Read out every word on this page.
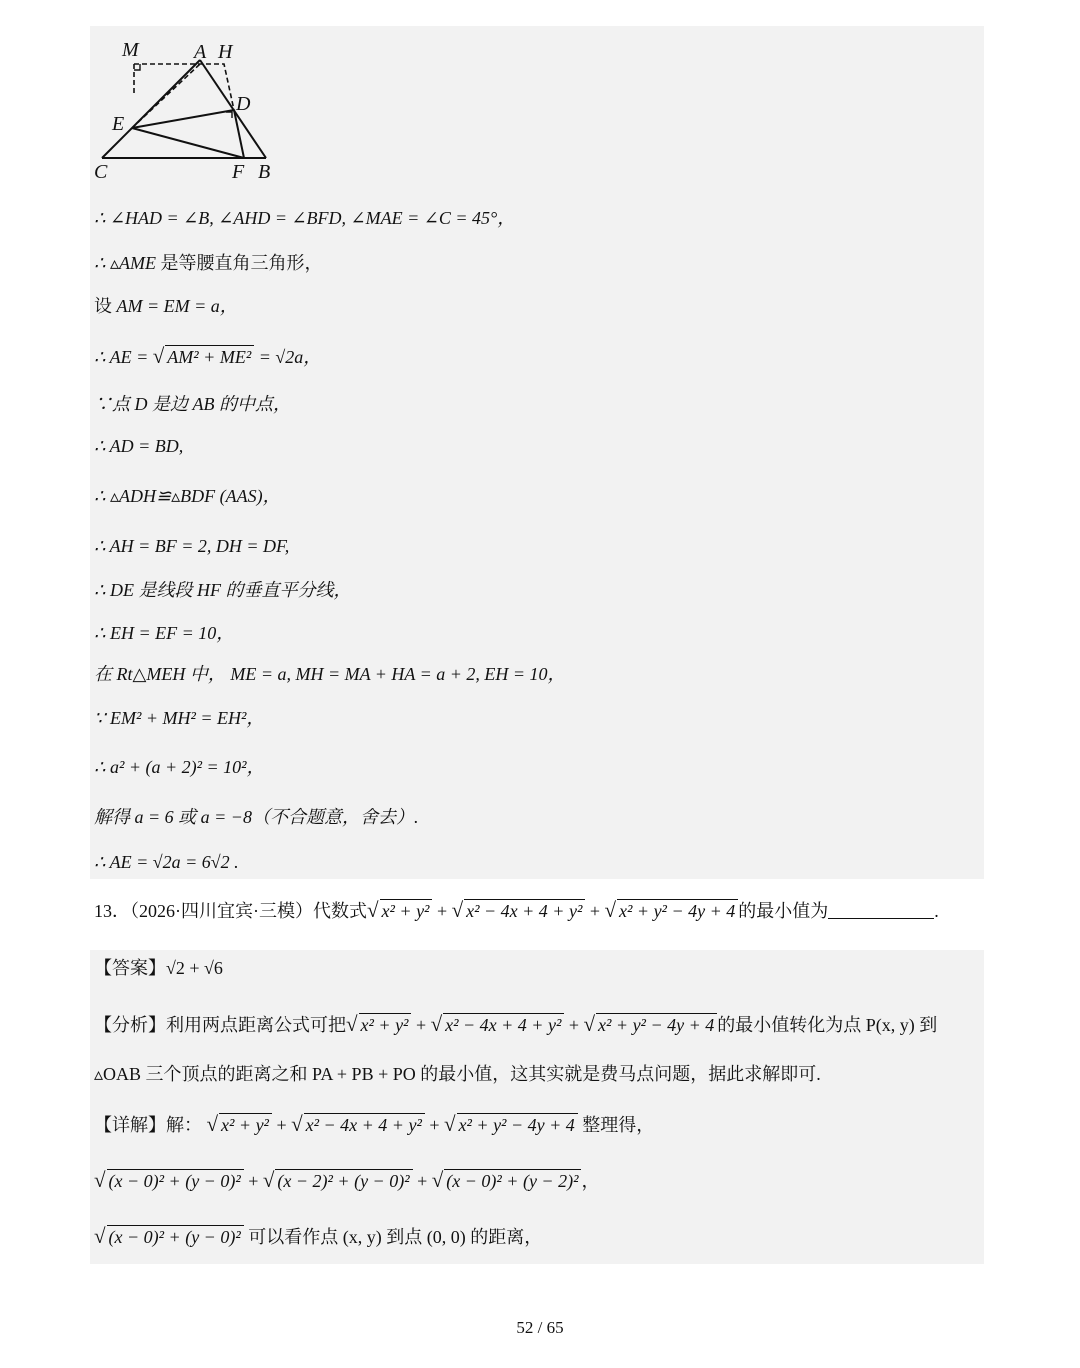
M	A H
D
E
C	F B
∴ ∠HAD = ∠B, ∠AHD = ∠BFD, ∠MAE = ∠C = 45°，
∴ ▵AME 是等腰直角三角形，
设 AM = EM = a，
∴ AE = √ AM² + ME² = √2a，
∵点 D 是边 AB 的中点，
∴ AD = BD,
∴ ▵ADH≌▵BDF (AAS)，
∴ AH = BF = 2, DH = DF,
∴ DE 是线段 HF 的垂直平分线，
∴ EH = EF = 10，
在 Rt△MEH 中， ME = a, MH = MA + HA = a + 2, EH = 10，
∵ EM² + MH² = EH²，
∴ a² + (a + 2)² = 10²，
解得 a = 6 或 a = −8（不合题意，舍去）.
∴ AE = √2a = 6√2 .
13．（2026·四川宜宾·三模）代数式√ x² + y² + √ x² − 4x + 4 + y² + √ x² + y² − 4y + 4 的最小值为	.
【答案】√2 + √6
【分析】利用两点距离公式可把√ x² + y² + √ x² − 4x + 4 + y² + √ x² + y² − 4y + 4 的最小值转化为点 P(x, y) 到
▵OAB 三个顶点的距离之和 PA + PB + PO 的最小值，这其实就是费马点问题，据此求解即可.
【详解】解： √ x² + y² + √ x² − 4x + 4 + y² + √ x² + y² − 4y + 4 整理得，
√ (x − 0)² + (y − 0)² + √ (x − 2)² + (y − 0)² + √ (x − 0)² + (y − 2)² ，
√ (x − 0)² + (y − 0)² 可以看作点 (x, y) 到点 (0, 0) 的距离，
52 / 65
